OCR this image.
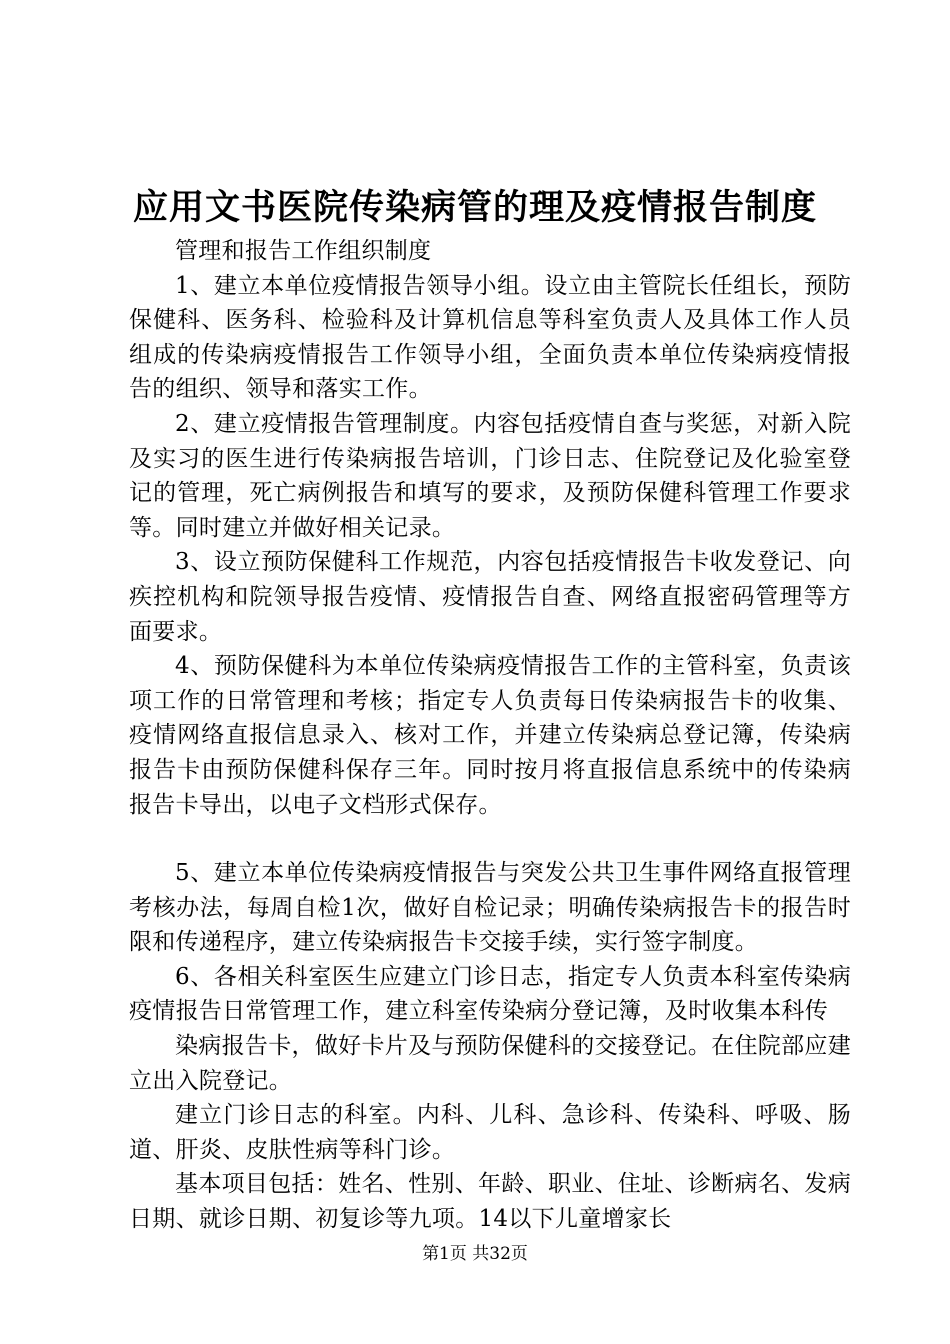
应用文书医院传染病管的理及疫情报告制度

管理和报告工作组织制度

1、建立本单位疫情报告领导小组。设立由主管院长任组长，预防保健科、医务科、检验科及计算机信息等科室负责人及具体工作人员组成的传染病疫情报告工作领导小组，全面负责本单位传染病疫情报告的组织、领导和落实工作。

2、建立疫情报告管理制度。内容包括疫情自查与奖惩，对新入院及实习的医生进行传染病报告培训，门诊日志、住院登记及化验室登记的管理，死亡病例报告和填写的要求，及预防保健科管理工作要求等。同时建立并做好相关记录。

3、设立预防保健科工作规范，内容包括疫情报告卡收发登记、向疾控机构和院领导报告疫情、疫情报告自查、网络直报密码管理等方面要求。

4、预防保健科为本单位传染病疫情报告工作的主管科室，负责该项工作的日常管理和考核；指定专人负责每日传染病报告卡的收集、疫情网络直报信息录入、核对工作，并建立传染病总登记簿，传染病报告卡由预防保健科保存三年。同时按月将直报信息系统中的传染病报告卡导出，以电子文档形式保存。

5、建立本单位传染病疫情报告与突发公共卫生事件网络直报管理考核办法，每周自检1次，做好自检记录；明确传染病报告卡的报告时限和传递程序，建立传染病报告卡交接手续，实行签字制度。

6、各相关科室医生应建立门诊日志，指定专人负责本科室传染病疫情报告日常管理工作，建立科室传染病分登记簿，及时收集本科传

染病报告卡，做好卡片及与预防保健科的交接登记。在住院部应建立出入院登记。

建立门诊日志的科室。内科、儿科、急诊科、传染科、呼吸、肠道、肝炎、皮肤性病等科门诊。

基本项目包括：姓名、性别、年龄、职业、住址、诊断病名、发病日期、就诊日期、初复诊等九项。14以下儿童增家长

第1页 共32页
